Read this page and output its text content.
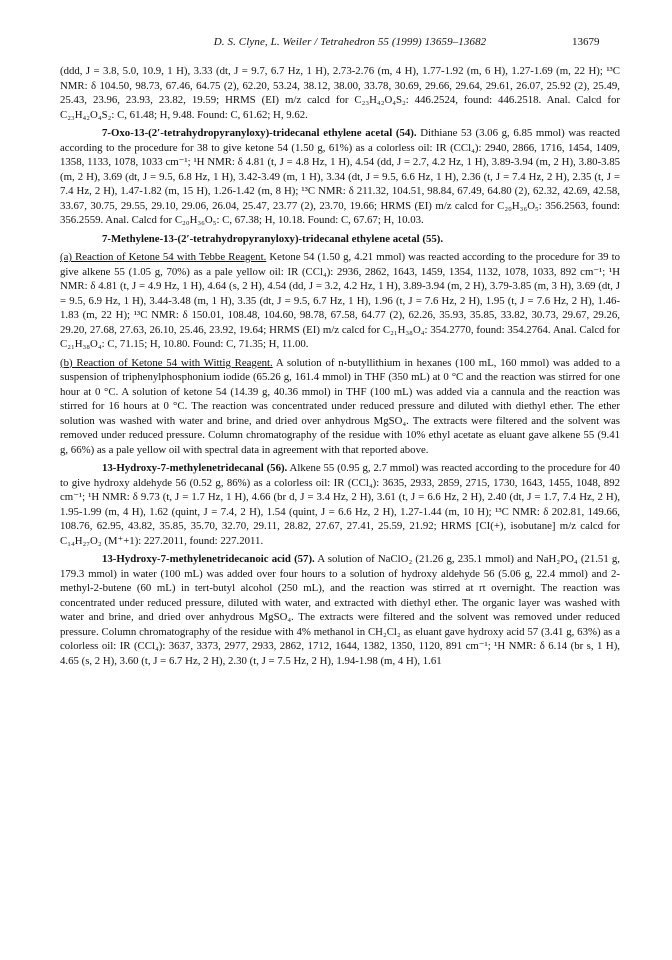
D. S. Clyne, L. Weiler / Tetrahedron 55 (1999) 13659–13682	13679

(ddd, J = 3.8, 5.0, 10.9, 1 H), 3.33 (dt, J = 9.7, 6.7 Hz, 1 H), 2.73-2.76 (m, 4 H), 1.77-1.92 (m, 6 H), 1.27-1.69 (m, 22 H); ¹³C NMR: δ 104.50, 98.73, 67.46, 64.75 (2), 62.20, 53.24, 38.12, 38.00, 33.78, 30.69, 29.66, 29.64, 29.61, 26.07, 25.92 (2), 25.49, 25.43, 23.96, 23.93, 23.82, 19.59; HRMS (EI) m/z calcd for C₂₃H₄₂O₄S₂: 446.2524, found: 446.2518. Anal. Calcd for C₂₃H₄₂O₄S₂: C, 61.48; H, 9.48. Found: C, 61.62; H, 9.62.

7-Oxo-13-(2′-tetrahydropyranyloxy)-tridecanal ethylene acetal (54). Dithiane 53 (3.06 g, 6.85 mmol) was reacted according to the procedure for 38 to give ketone 54 (1.50 g, 61%) as a colorless oil: IR (CCl₄): 2940, 2866, 1716, 1454, 1409, 1358, 1133, 1078, 1033 cm⁻¹; ¹H NMR: δ 4.81 (t, J = 4.8 Hz, 1 H), 4.54 (dd, J = 2.7, 4.2 Hz, 1 H), 3.89-3.94 (m, 2 H), 3.80-3.85 (m, 2 H), 3.69 (dt, J = 9.5, 6.8 Hz, 1 H), 3.42-3.49 (m, 1 H), 3.34 (dt, J = 9.5, 6.6 Hz, 1 H), 2.36 (t, J = 7.4 Hz, 2 H), 2.35 (t, J = 7.4 Hz, 2 H), 1.47-1.82 (m, 15 H), 1.26-1.42 (m, 8 H); ¹³C NMR: δ 211.32, 104.51, 98.84, 67.49, 64.80 (2), 62.32, 42.69, 42.58, 33.67, 30.75, 29.55, 29.10, 29.06, 26.04, 25.47, 23.77 (2), 23.70, 19.66; HRMS (EI) m/z calcd for C₂₀H₃₆O₅: 356.2563, found: 356.2559. Anal. Calcd for C₂₀H₃₆O₅: C, 67.38; H, 10.18. Found: C, 67.67; H, 10.03.

7-Methylene-13-(2′-tetrahydropyranyloxy)-tridecanal ethylene acetal (55).

(a) Reaction of Ketone 54 with Tebbe Reagent. Ketone 54 (1.50 g, 4.21 mmol) was reacted according to the procedure for 39 to give alkene 55 (1.05 g, 70%) as a pale yellow oil: IR (CCl₄): 2936, 2862, 1643, 1459, 1354, 1132, 1078, 1033, 892 cm⁻¹; ¹H NMR: δ 4.81 (t, J = 4.9 Hz, 1 H), 4.64 (s, 2 H), 4.54 (dd, J = 3.2, 4.2 Hz, 1 H), 3.89-3.94 (m, 2 H), 3.79-3.85 (m, 3 H), 3.69 (dt, J = 9.5, 6.9 Hz, 1 H), 3.44-3.48 (m, 1 H), 3.35 (dt, J = 9.5, 6.7 Hz, 1 H), 1.96 (t, J = 7.6 Hz, 2 H), 1.95 (t, J = 7.6 Hz, 2 H), 1.46-1.83 (m, 22 H); ¹³C NMR: δ 150.01, 108.48, 104.60, 98.78, 67.58, 64.77 (2), 62.26, 35.93, 35.85, 33.82, 30.73, 29.67, 29.26, 29.20, 27.68, 27.63, 26.10, 25.46, 23.92, 19.64; HRMS (EI) m/z calcd for C₂₁H₃₈O₄: 354.2770, found: 354.2764. Anal. Calcd for C₂₁H₃₈O₄: C, 71.15; H, 10.80. Found: C, 71.35; H, 11.00.

(b) Reaction of Ketone 54 with Wittig Reagent. A solution of n-butyllithium in hexanes (100 mL, 160 mmol) was added to a suspension of triphenylphosphonium iodide (65.26 g, 161.4 mmol) in THF (350 mL) at 0 °C and the reaction was stirred for one hour at 0 °C. A solution of ketone 54 (14.39 g, 40.36 mmol) in THF (100 mL) was added via a cannula and the reaction was stirred for 16 hours at 0 °C. The reaction was concentrated under reduced pressure and diluted with diethyl ether. The ether solution was washed with water and brine, and dried over anhydrous MgSO₄. The extracts were filtered and the solvent was removed under reduced pressure. Column chromatography of the residue with 10% ethyl acetate as eluant gave alkene 55 (9.41 g, 66%) as a pale yellow oil with spectral data in agreement with that reported above.

13-Hydroxy-7-methylenetridecanal (56). Alkene 55 (0.95 g, 2.7 mmol) was reacted according to the procedure for 40 to give hydroxy aldehyde 56 (0.52 g, 86%) as a colorless oil: IR (CCl₄): 3635, 2933, 2859, 2715, 1730, 1643, 1455, 1048, 892 cm⁻¹; ¹H NMR: δ 9.73 (t, J = 1.7 Hz, 1 H), 4.66 (br d, J = 3.4 Hz, 2 H), 3.61 (t, J = 6.6 Hz, 2 H), 2.40 (dt, J = 1.7, 7.4 Hz, 2 H), 1.95-1.99 (m, 4 H), 1.62 (quint, J = 7.4, 2 H), 1.54 (quint, J = 6.6 Hz, 2 H), 1.27-1.44 (m, 10 H); ¹³C NMR: δ 202.81, 149.66, 108.76, 62.95, 43.82, 35.85, 35.70, 32.70, 29.11, 28.82, 27.67, 27.41, 25.59, 21.92; HRMS [CI(+), isobutane] m/z calcd for C₁₄H₂₇O₂ (M⁺+1): 227.2011, found: 227.2011.

13-Hydroxy-7-methylenetridecanoic acid (57). A solution of NaClO₂ (21.26 g, 235.1 mmol) and NaH₂PO₄ (21.51 g, 179.3 mmol) in water (100 mL) was added over four hours to a solution of hydroxy aldehyde 56 (5.06 g, 22.4 mmol) and 2-methyl-2-butene (60 mL) in tert-butyl alcohol (250 mL), and the reaction was stirred at rt overnight. The reaction was concentrated under reduced pressure, diluted with water, and extracted with diethyl ether. The organic layer was washed with water and brine, and dried over anhydrous MgSO₄. The extracts were filtered and the solvent was removed under reduced pressure. Column chromatography of the residue with 4% methanol in CH₂Cl₂ as eluant gave hydroxy acid 57 (3.41 g, 63%) as a colorless oil: IR (CCl₄): 3637, 3373, 2977, 2933, 2862, 1712, 1644, 1382, 1350, 1120, 891 cm⁻¹; ¹H NMR: δ 6.14 (br s, 1 H), 4.65 (s, 2 H), 3.60 (t, J = 6.7 Hz, 2 H), 2.30 (t, J = 7.5 Hz, 2 H), 1.94-1.98 (m, 4 H), 1.61
